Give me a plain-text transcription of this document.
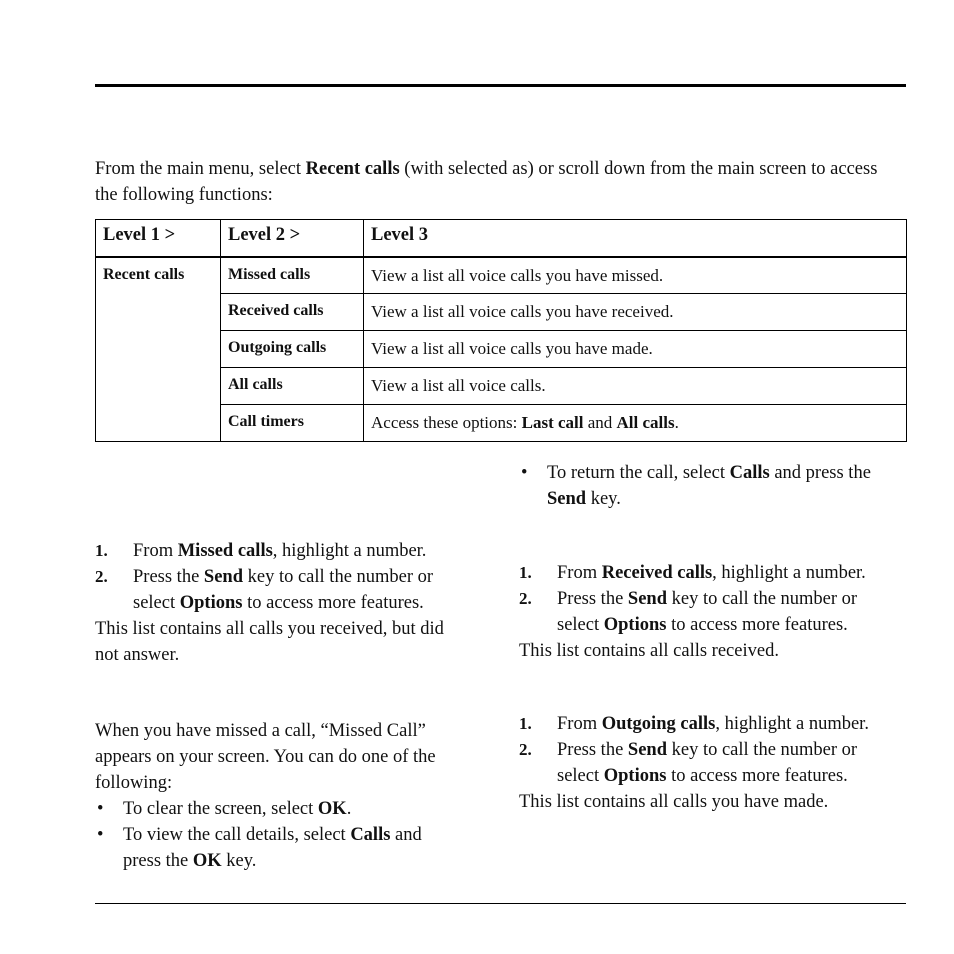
From the main menu, select Recent calls (with selected as) or scroll down from the main screen to access the following functions:

Level 1 >	Level 2 >	Level 3
Recent calls	Missed calls	View a list all voice calls you have missed.
	Received calls	View a list all voice calls you have received.
	Outgoing calls	View a list all voice calls you have made.
	All calls	View a list all voice calls.
	Call timers	Access these options: Last call and All calls.
1. From Missed calls, highlight a number.
2. Press the Send key to call the number or select Options to access more features.

This list contains all calls you received, but did not answer.

When you have missed a call, “Missed Call” appears on your screen. You can do one of the following:

• To clear the screen, select OK.
• To view the call details, select Calls and press the OK key.
• To return the call, select Calls and press the Send key.
1. From Received calls, highlight a number.
2. Press the Send key to call the number or select Options to access more features.

This list contains all calls received.

1. From Outgoing calls, highlight a number.
2. Press the Send key to call the number or select Options to access more features.

This list contains all calls you have made.
